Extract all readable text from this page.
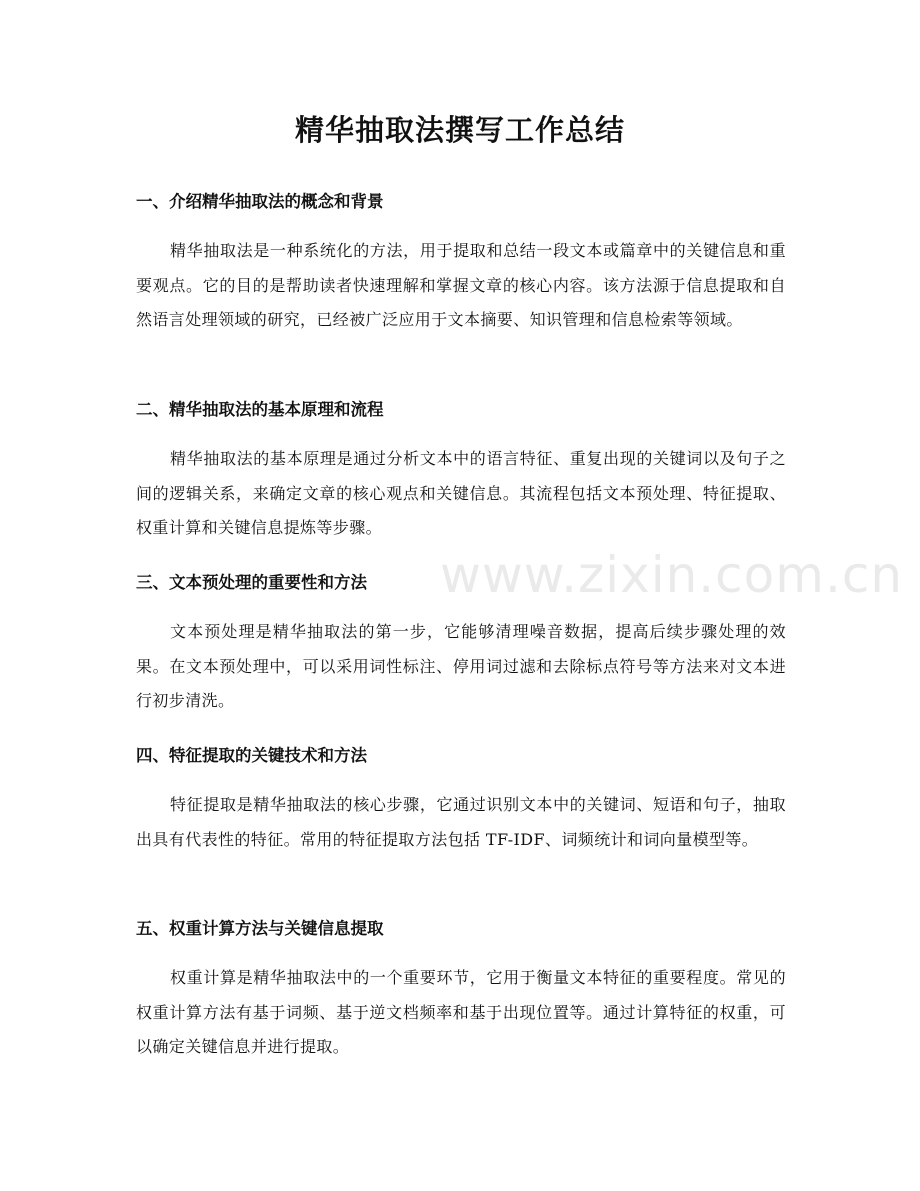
精华抽取法撰写工作总结
一、介绍精华抽取法的概念和背景

精华抽取法是一种系统化的方法，用于提取和总结一段文本或篇章中的关键信息和重要观点。它的目的是帮助读者快速理解和掌握文章的核心内容。该方法源于信息提取和自然语言处理领域的研究，已经被广泛应用于文本摘要、知识管理和信息检索等领域。

二、精华抽取法的基本原理和流程

精华抽取法的基本原理是通过分析文本中的语言特征、重复出现的关键词以及句子之间的逻辑关系，来确定文章的核心观点和关键信息。其流程包括文本预处理、特征提取、权重计算和关键信息提炼等步骤。

三、文本预处理的重要性和方法

文本预处理是精华抽取法的第一步，它能够清理噪音数据，提高后续步骤处理的效果。在文本预处理中，可以采用词性标注、停用词过滤和去除标点符号等方法来对文本进行初步清洗。

四、特征提取的关键技术和方法

特征提取是精华抽取法的核心步骤，它通过识别文本中的关键词、短语和句子，抽取出具有代表性的特征。常用的特征提取方法包括 TF-IDF、词频统计和词向量模型等。

五、权重计算方法与关键信息提取

权重计算是精华抽取法中的一个重要环节，它用于衡量文本特征的重要程度。常见的权重计算方法有基于词频、基于逆文档频率和基于出现位置等。通过计算特征的权重，可以确定关键信息并进行提取。

www.zixin.com.cn
